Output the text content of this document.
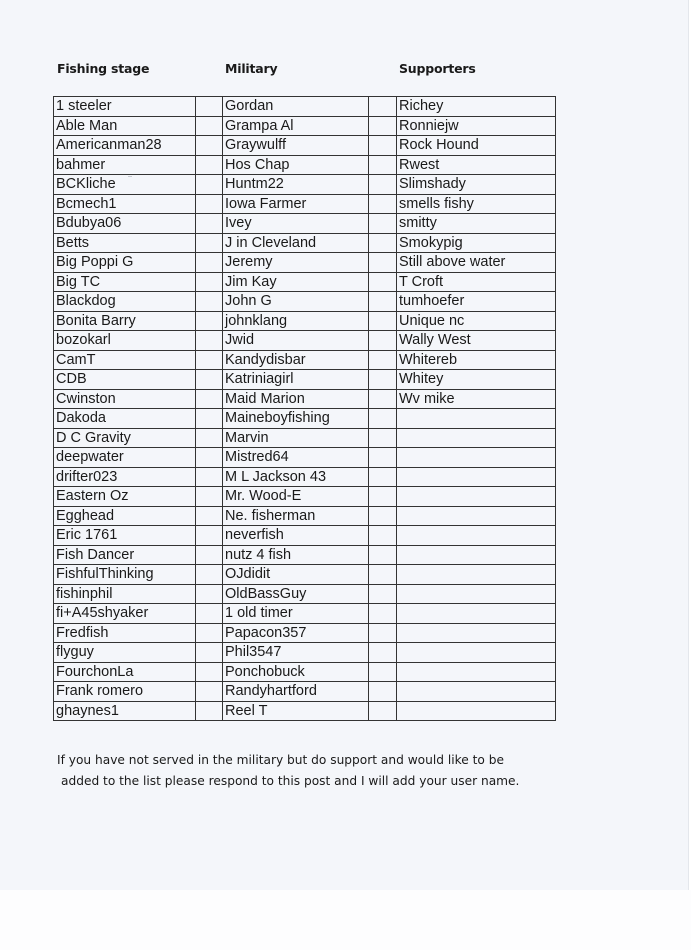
Fishing stage	Military	Supporters
1 steeler		Gordan		Richey
Able Man		Grampa Al		Ronniejw
Americanman28		Graywulff		Rock Hound
bahmer		Hos Chap		Rwest
BCKliche		Huntm22		Slimshady
Bcmech1		Iowa Farmer		smells fishy
Bdubya06		Ivey		smitty
Betts		J in Cleveland		Smokypig
Big Poppi G		Jeremy		Still above water
Big TC		Jim Kay		T Croft
Blackdog		John G		tumhoefer
Bonita Barry		johnklang		Unique nc
bozokarl		Jwid		Wally West
CamT		Kandydisbar		Whitereb
CDB		Katriniagirl		Whitey
Cwinston		Maid Marion		Wv mike
Dakoda		Maineboyfishing		
D C Gravity		Marvin		
deepwater		Mistred64		
drifter023		M L Jackson 43		
Eastern Oz		Mr. Wood-E		
Egghead		Ne. fisherman		
Eric 1761		neverfish		
Fish Dancer		nutz 4 fish		
FishfulThinking		OJdidit		
fishinphil		OldBassGuy		
fi+A45shyaker		1 old timer		
Fredfish		Papacon357		
flyguy		Phil3547		
FourchonLa		Ponchobuck		
Frank romero		Randyhartford		
ghaynes1		Reel T		
If you have not served in the military but do support and would like to be
added to the list please respond to this post and I will add your user name.
